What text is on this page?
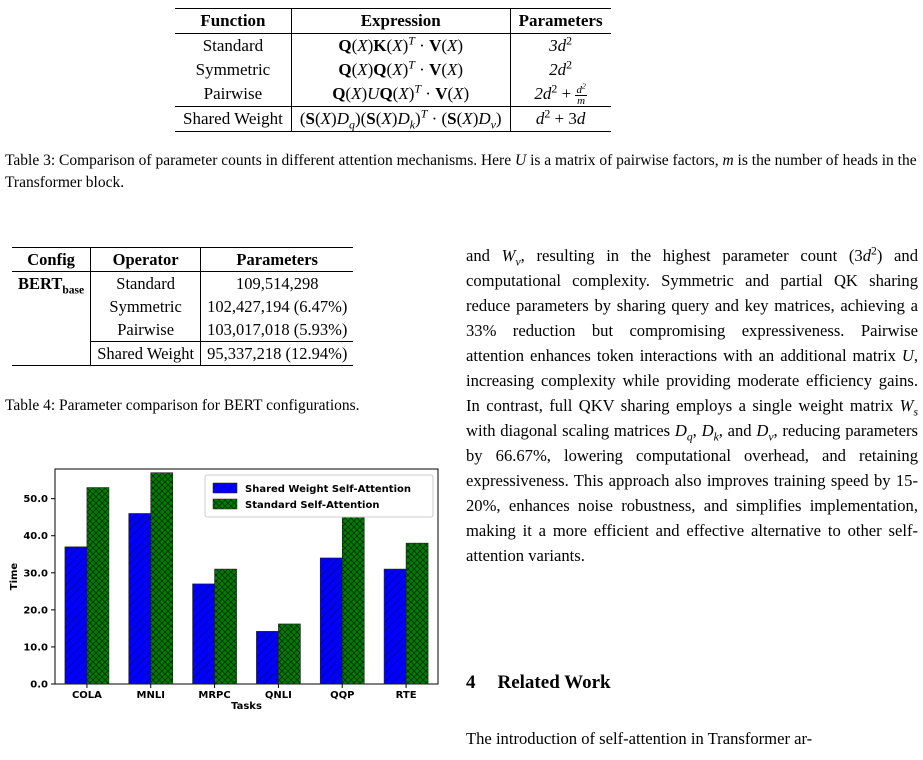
Function	Expression	Parameters
Standard	$Q(X)K(X)^T \cdot V(X)$	$3d^2$
Symmetric	$Q(X)Q(X)^T \cdot V(X)$	$2d^2$
Pairwise	$Q(X)UQ(X)^T \cdot V(X)$	$2d^2 + \frac{d^2}{m}$

Shared Weight	$(S(X)D_q)(S(X)D_k)^T \cdot (S(X)D_v)$	$d^2 + 3d$
Table 3: Comparison of parameter counts in different attention mechanisms. Here U is a matrix of pairwise factors, m is the number of heads in the Transformer block.
Config	Operator	Parameters
$BERT_{base}$	Standard	109,514,298
	Symmetric	102,427,194 (6.47%)
	Pairwise	103,017,018 (5.93%)
	Shared Weight	95,337,218 (12.94%)
Table 4: Parameter comparison for BERT configurations.
0.0
10.0
20.0
30.0
40.0
50.0
COLA	MNLI	MRPC	QNLI	QQP	RTE
Tasks
Time
Shared Weight Self-Attention
Standard Self-Attention

and $W_v$, resulting in the highest parameter count $(3d^2)$ and computational complexity. Symmetric and partial QK sharing reduce parameters by sharing query and key matrices, achieving a 33% reduction but compromising expressiveness. Pairwise attention enhances token interactions with an additional matrix U, increasing complexity while providing moderate efficiency gains. In contrast, full QKV sharing employs a single weight matrix $W_s$ with diagonal scaling matrices $D_q$, $D_k$, and $D_v$, reducing parameters by 66.67%, lowering computational overhead, and retaining expressiveness. This approach also improves training speed by 15-20%, enhances noise robustness, and simplifies implementation, making it a more efficient and effective alternative to other self-attention variants.

4 Related Work
The introduction of self-attention in Transformer ar-
